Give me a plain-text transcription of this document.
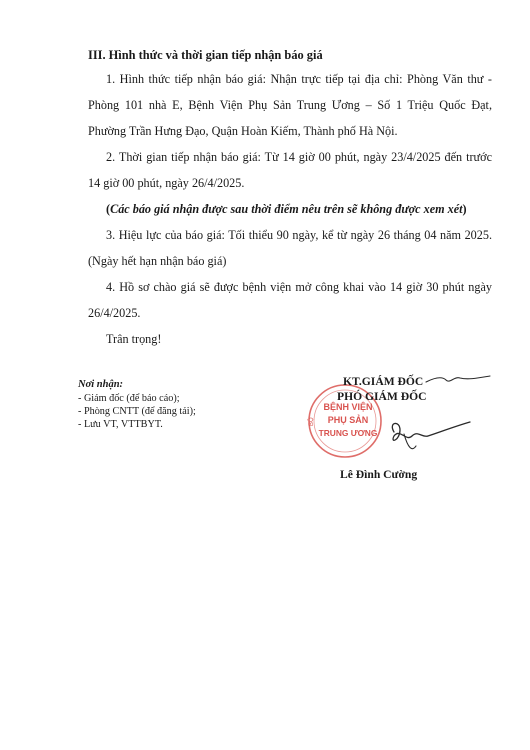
III. Hình thức và thời gian tiếp nhận báo giá

1. Hình thức tiếp nhận báo giá: Nhận trực tiếp tại địa chỉ: Phòng Văn thư - Phòng 101 nhà E, Bệnh Viện Phụ Sản Trung Ương – Số 1 Triệu Quốc Đạt, Phường Trần Hưng Đạo, Quận Hoàn Kiếm, Thành phố Hà Nội.

2. Thời gian tiếp nhận báo giá: Từ 14 giờ 00 phút, ngày 23/4/2025 đến trước 14 giờ 00 phút, ngày 26/4/2025.

(Các báo giá nhận được sau thời điểm nêu trên sẽ không được xem xét)

3. Hiệu lực của báo giá: Tối thiểu 90 ngày, kể từ ngày 26 tháng 04 năm 2025. (Ngày hết hạn nhận báo giá)

4. Hồ sơ chào giá sẽ được bệnh viện mở công khai vào 14 giờ 30 phút ngày 26/4/2025.

Trân trọng!

Nơi nhận:
- Giám đốc (để báo cáo);
- Phòng CNTT (để đăng tải);
- Lưu VT, VTTBYT.
BỆNH VIỆN
PHỤ SẢN
TRUNG ƯƠNG
BỘ
KT.GIÁM ĐỐC
PHÓ GIÁM ĐỐC
Lê Đình Cường
